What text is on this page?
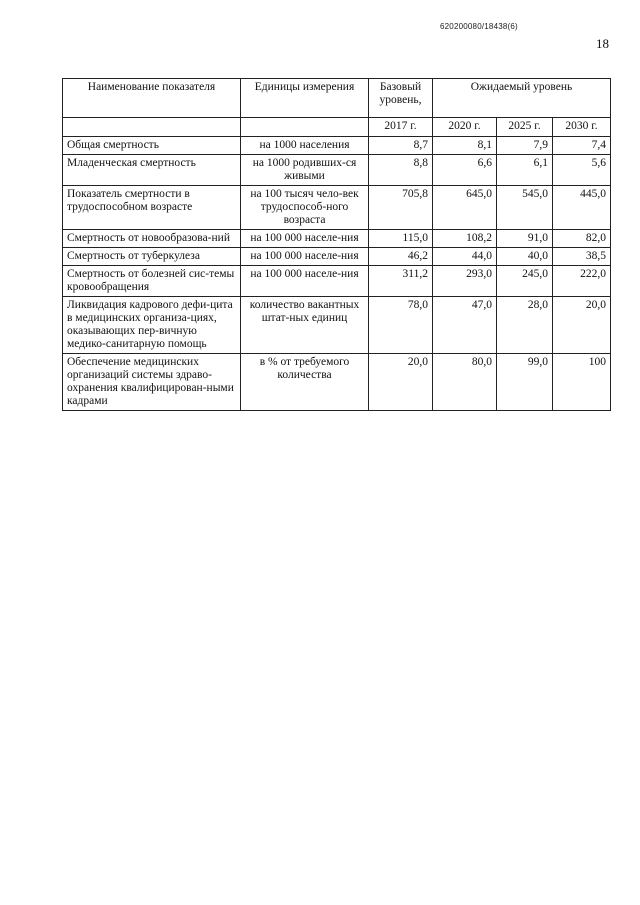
620200080/18438(6)
18
Наименование показателя	Единицы измерения	Базовый уровень,	Ожидаемый уровень		
		2017 г.	2020 г.	2025 г.	2030 г.
Общая смертность	на 1000 населения	8,7	8,1	7,9	7,4
Младенческая смертность	на 1000 родивших-ся живыми	8,8	6,6	6,1	5,6
Показатель смертности в трудоспособном возрасте	на 100 тысяч чело-век трудоспособ-ного возраста	705,8	645,0	545,0	445,0
Смертность от новообразова-ний	на 100 000 населе-ния	115,0	108,2	91,0	82,0
Смертность от туберкулеза	на 100 000 населе-ния	46,2	44,0	40,0	38,5
Смертность от болезней сис-темы кровообращения	на 100 000 населе-ния	311,2	293,0	245,0	222,0
Ликвидация кадрового дефи-цита в медицинских организа-циях, оказывающих пер-вичную медико-санитарную помощь	количество вакантных штат-ных единиц	78,0	47,0	28,0	20,0
Обеспечение медицинских организаций системы здраво-охранения квалифицирован-ными кадрами	в % от требуемого количества	20,0	80,0	99,0	100
